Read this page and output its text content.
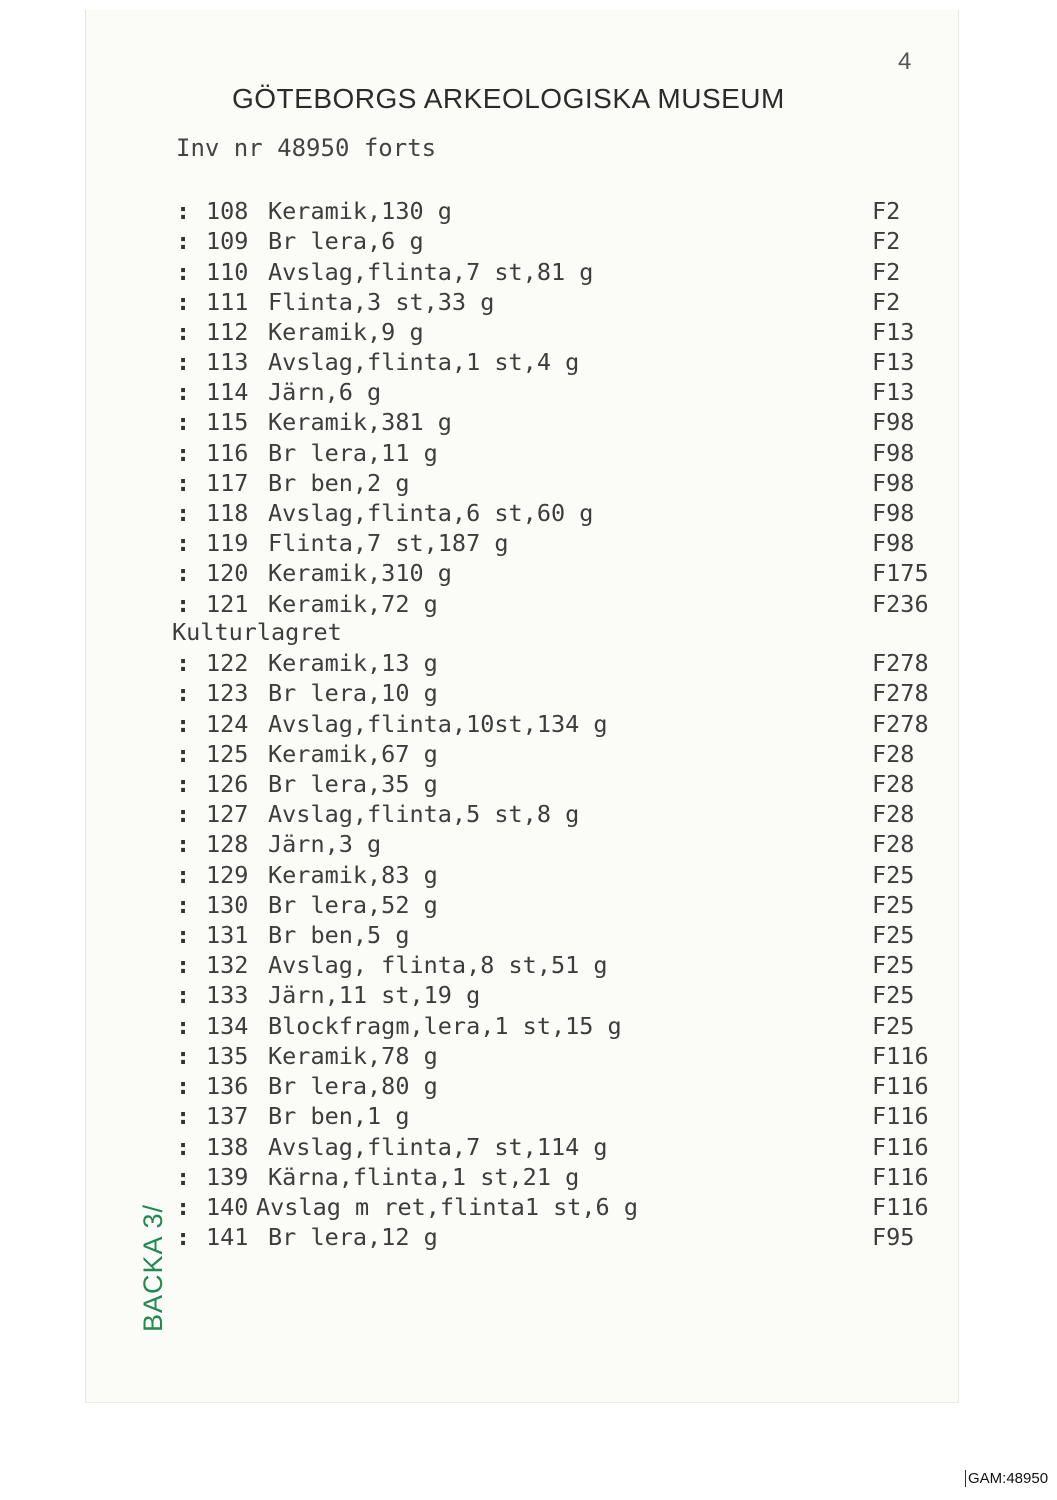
4
GÖTEBORGS ARKEOLOGISKA MUSEUM
Inv nr 48950 forts
: 108 Keramik,130 g	F2
: 109 Br lera,6 g	F2
: 110 Avslag,flinta,7 st,81 g	F2
: 111 Flinta,3 st,33 g	F2
: 112 Keramik,9 g	F13
: 113 Avslag,flinta,1 st,4 g	F13
: 114 Järn,6 g	F13
: 115 Keramik,381 g	F98
: 116 Br lera,11 g	F98
: 117 Br ben,2 g	F98
: 118 Avslag,flinta,6 st,60 g	F98
: 119 Flinta,7 st,187 g	F98
: 120 Keramik,310 g	F175
: 121 Keramik,72 g	F236
: 122 Keramik,13 g	F278
: 123 Br lera,10 g	F278
: 124 Avslag,flinta,10st,134 g	F278
: 125 Keramik,67 g	F28
: 126 Br lera,35 g	F28
: 127 Avslag,flinta,5 st,8 g	F28
: 128 Järn,3 g	F28
: 129 Keramik,83 g	F25
: 130 Br lera,52 g	F25
: 131 Br ben,5 g	F25
: 132 Avslag, flinta,8 st,51 g	F25
: 133 Järn,11 st,19 g	F25
: 134 Blockfragm,lera,1 st,15 g	F25
: 135 Keramik,78 g	F116
: 136 Br lera,80 g	F116
: 137 Br ben,1 g	F116
: 138 Avslag,flinta,7 st,114 g	F116
: 139 Kärna,flinta,1 st,21 g	F116
: 140 Avslag m ret,flinta1 st,6 g	F116
: 141 Br lera,12 g	F95
Kulturlagret
BACKA 3/
GAM:48950
